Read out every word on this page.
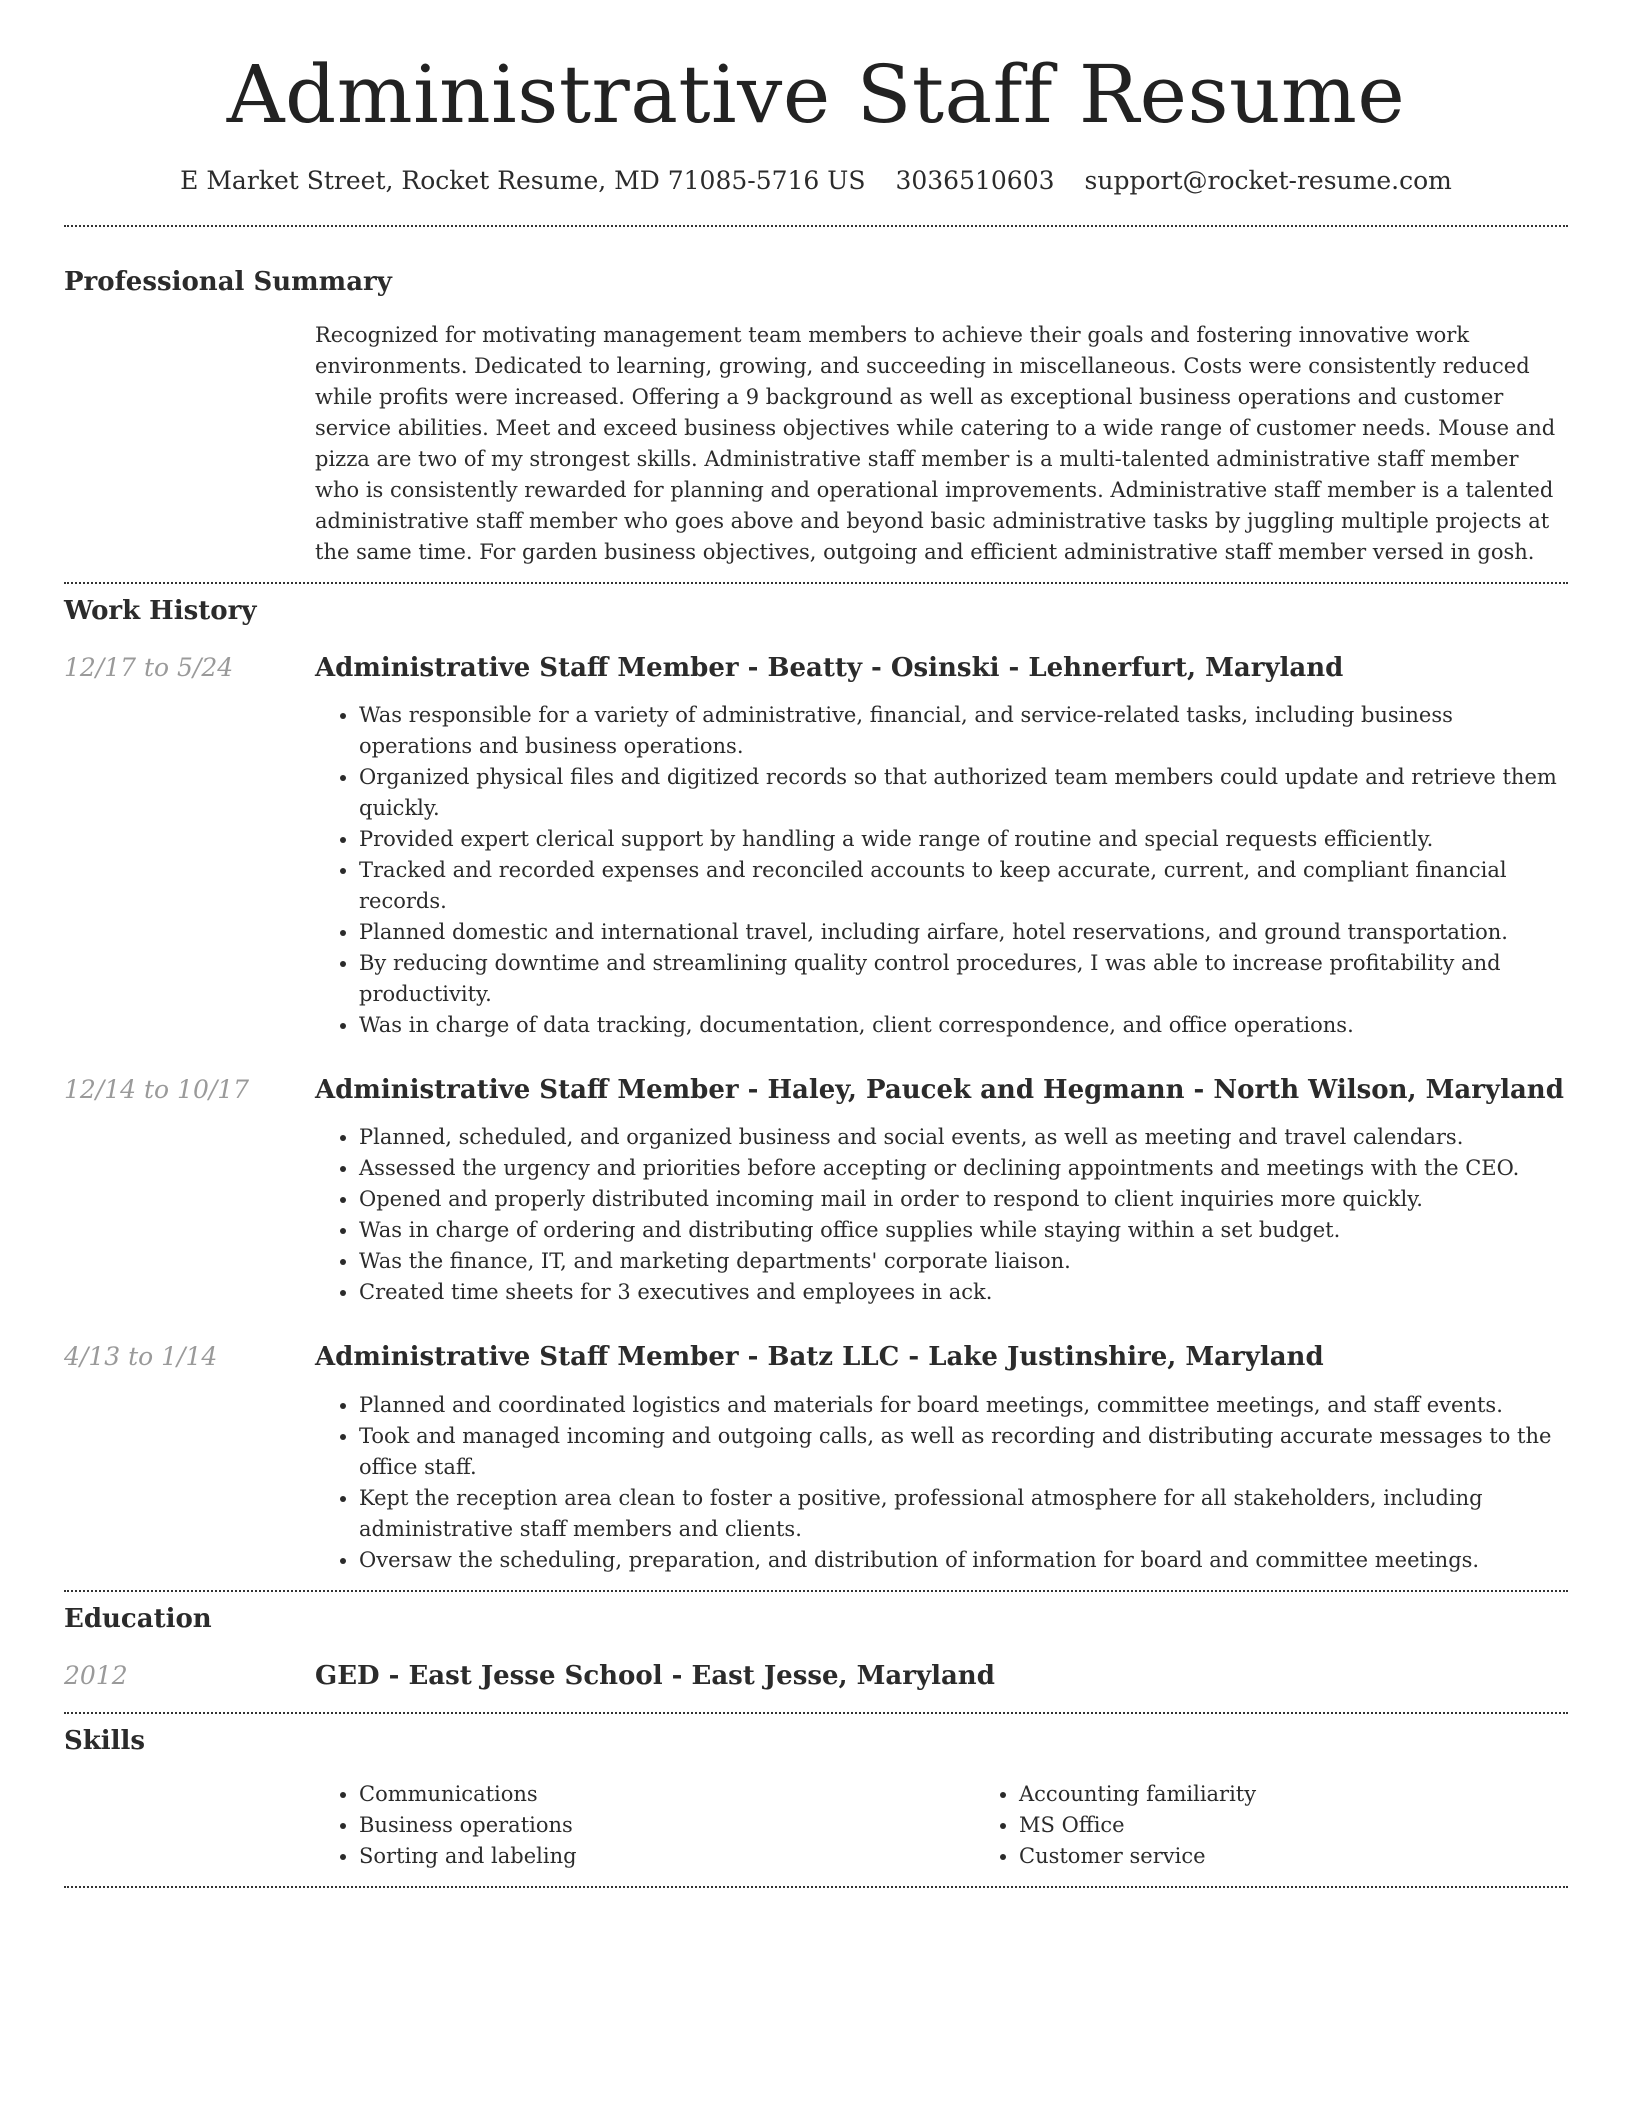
Administrative Staff Resume
E Market Street, Rocket Resume, MD 71085-5716 US 3036510603 support@rocket-resume.com
Professional Summary

Recognized for motivating management team members to achieve their goals and fostering innovative work environments. Dedicated to learning, growing, and succeeding in miscellaneous. Costs were consistently reduced while profits were increased. Offering a 9 background as well as exceptional business operations and customer service abilities. Meet and exceed business objectives while catering to a wide range of customer needs. Mouse and pizza are two of my strongest skills. Administrative staff member is a multi-talented administrative staff member who is consistently rewarded for planning and operational improvements. Administrative staff member is a talented administrative staff member who goes above and beyond basic administrative tasks by juggling multiple projects at the same time. For garden business objectives, outgoing and efficient administrative staff member versed in gosh.

Work History
12/17 to 5/24	Administrative Staff Member - Beatty - Osinski - Lehnerfurt, Maryland
• Was responsible for a variety of administrative, financial, and service-related tasks, including business operations and business operations.
• Organized physical files and digitized records so that authorized team members could update and retrieve them quickly.
• Provided expert clerical support by handling a wide range of routine and special requests efficiently.
• Tracked and recorded expenses and reconciled accounts to keep accurate, current, and compliant financial records.
• Planned domestic and international travel, including airfare, hotel reservations, and ground transportation.
• By reducing downtime and streamlining quality control procedures, I was able to increase profitability and productivity.
• Was in charge of data tracking, documentation, client correspondence, and office operations.
12/14 to 10/17	Administrative Staff Member - Haley, Paucek and Hegmann - North Wilson, Maryland
• Planned, scheduled, and organized business and social events, as well as meeting and travel calendars.
• Assessed the urgency and priorities before accepting or declining appointments and meetings with the CEO.
• Opened and properly distributed incoming mail in order to respond to client inquiries more quickly.
• Was in charge of ordering and distributing office supplies while staying within a set budget.
• Was the finance, IT, and marketing departments' corporate liaison.
• Created time sheets for 3 executives and employees in ack.
4/13 to 1/14	Administrative Staff Member - Batz LLC - Lake Justinshire, Maryland
• Planned and coordinated logistics and materials for board meetings, committee meetings, and staff events.
• Took and managed incoming and outgoing calls, as well as recording and distributing accurate messages to the office staff.
• Kept the reception area clean to foster a positive, professional atmosphere for all stakeholders, including administrative staff members and clients.
• Oversaw the scheduling, preparation, and distribution of information for board and committee meetings.
Education
2012	GED - East Jesse School - East Jesse, Maryland
Skills
• Communications
• Business operations
• Sorting and labeling
• Accounting familiarity
• MS Office
• Customer service
